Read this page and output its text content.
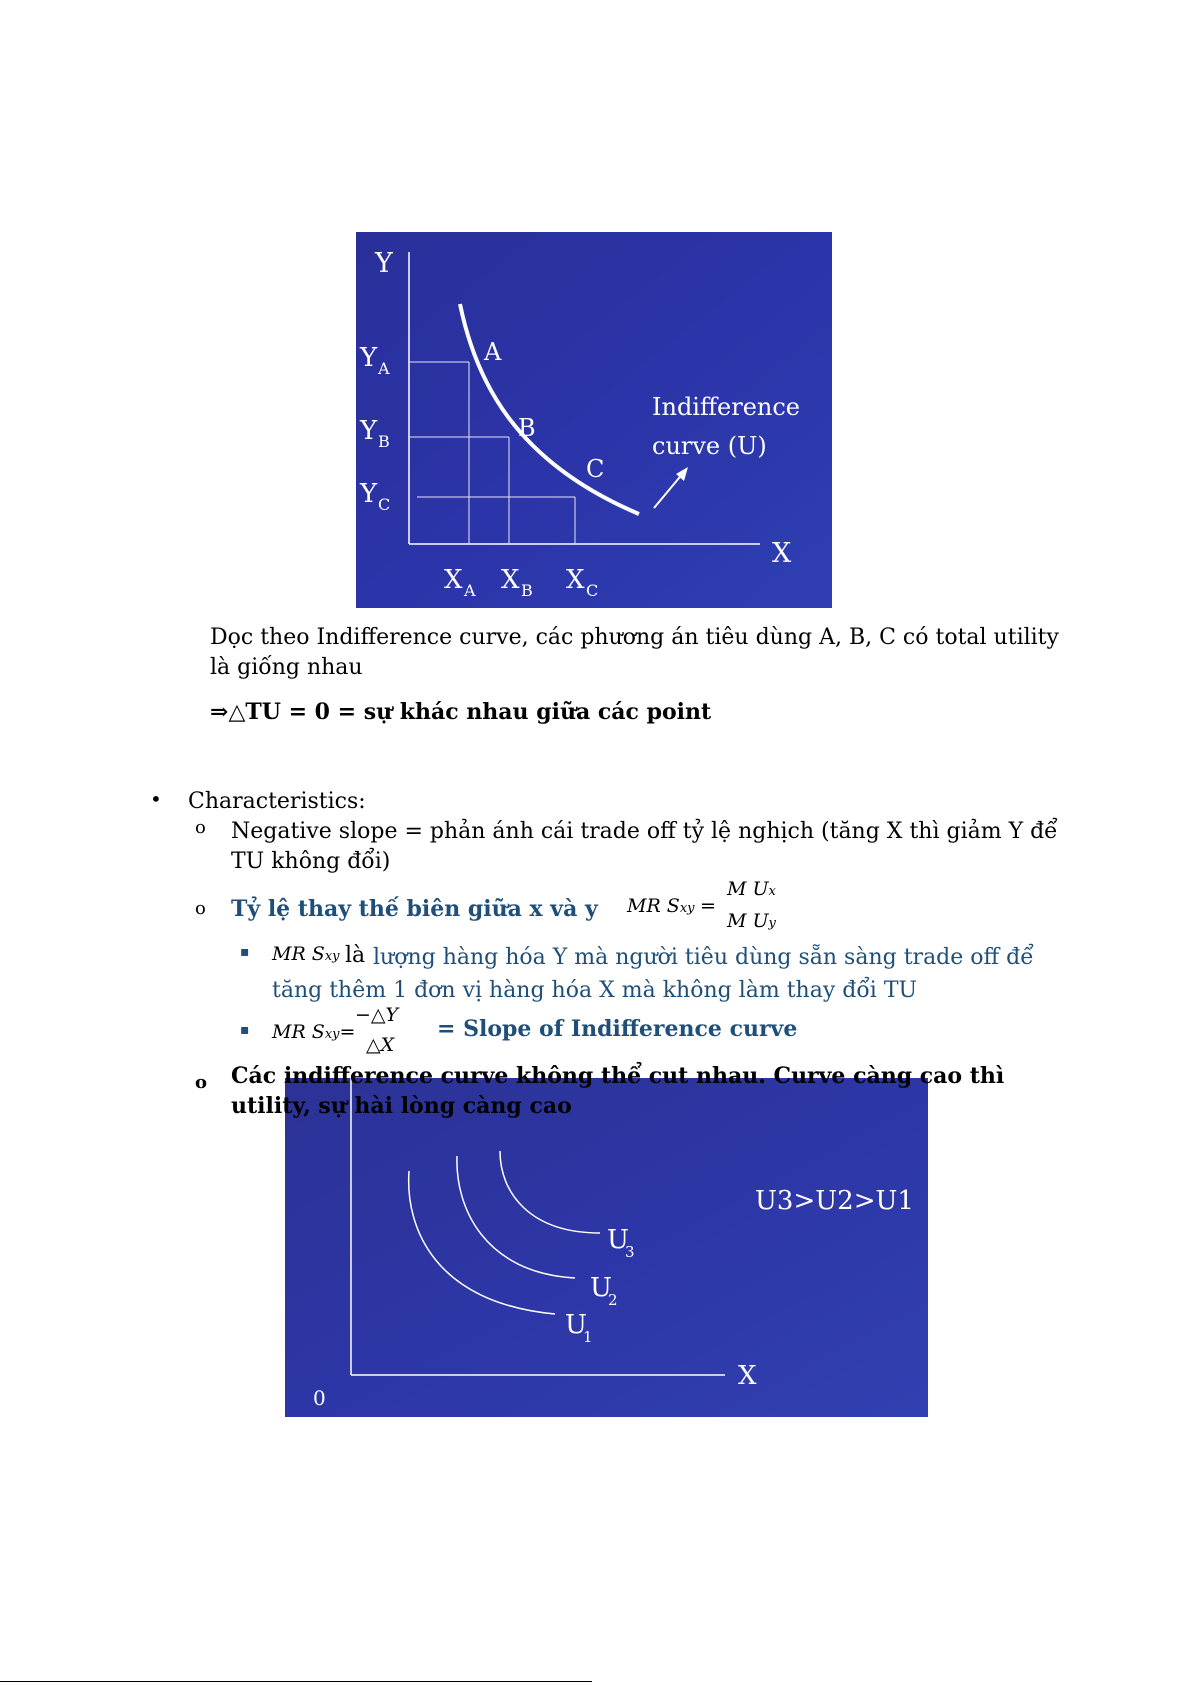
Y
X
Y A
Y B
Y C
X A X B X C
A
B
C
Indifference
curve (U)
Dọc theo Indifference curve, các phương án tiêu dùng A, B, C có total utility là giống nhau
⇒△TU = 0 = sự khác nhau giữa các point
• Characteristics:
o Negative slope = phản ánh cái trade off tỷ lệ nghịch (tăng X thì giảm Y để TU không đổi)
o Tỷ lệ thay thế biên giữa x và y MR Sxy =
M Ux
M Uy
▪ MR Sxy là lượng hàng hóa Y mà người tiêu dùng sẵn sàng trade off để tăng thêm 1 đơn vị hàng hóa X mà không làm thay đổi TU
▪ MR Sxy=
−△Y
△X
= Slope of Indifference curve
X
0
U
1
U
2
U
3
U3>U2>U1
o Các indifference curve không thể cut nhau. Curve càng cao thì utility, sự hài lòng càng cao
